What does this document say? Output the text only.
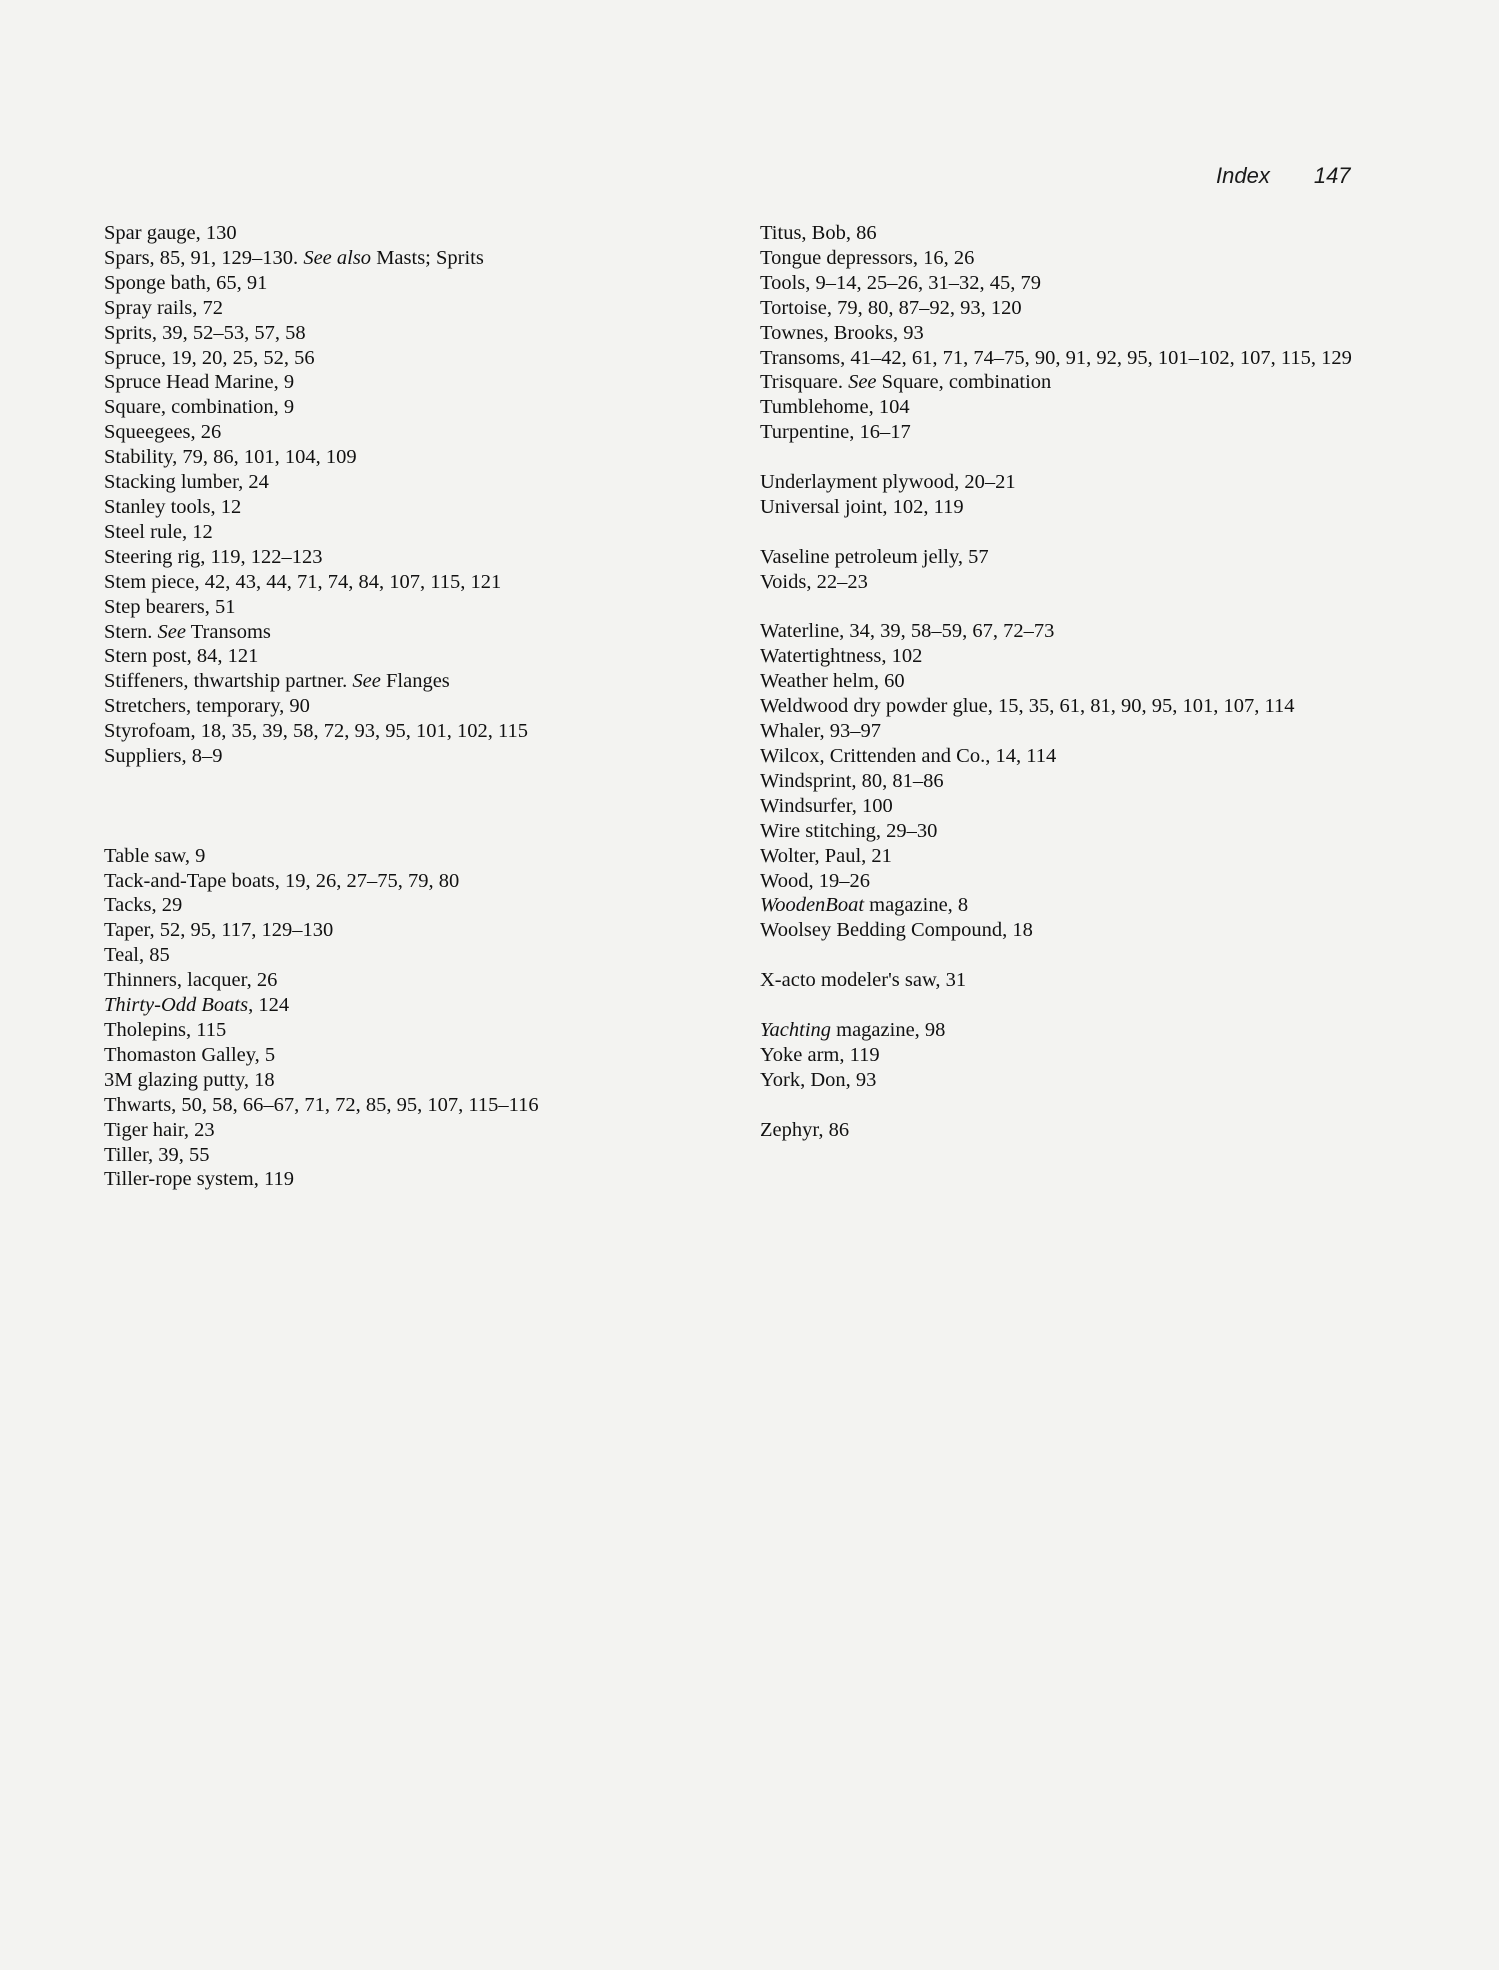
Index 147
Spar gauge, 130
Spars, 85, 91, 129–130. See also Masts; Sprits
Sponge bath, 65, 91
Spray rails, 72
Sprits, 39, 52–53, 57, 58
Spruce, 19, 20, 25, 52, 56
Spruce Head Marine, 9
Square, combination, 9
Squeegees, 26
Stability, 79, 86, 101, 104, 109
Stacking lumber, 24
Stanley tools, 12
Steel rule, 12
Steering rig, 119, 122–123
Stem piece, 42, 43, 44, 71, 74, 84, 107, 115, 121
Step bearers, 51
Stern. See Transoms
Stern post, 84, 121
Stiffeners, thwartship partner. See Flanges
Stretchers, temporary, 90
Styrofoam, 18, 35, 39, 58, 72, 93, 95, 101, 102, 115
Suppliers, 8–9
Table saw, 9
Tack-and-Tape boats, 19, 26, 27–75, 79, 80
Tacks, 29
Taper, 52, 95, 117, 129–130
Teal, 85
Thinners, lacquer, 26
Thirty-Odd Boats, 124
Tholepins, 115
Thomaston Galley, 5
3M glazing putty, 18
Thwarts, 50, 58, 66–67, 71, 72, 85, 95, 107, 115–116
Tiger hair, 23
Tiller, 39, 55
Tiller-rope system, 119
Titus, Bob, 86
Tongue depressors, 16, 26
Tools, 9–14, 25–26, 31–32, 45, 79
Tortoise, 79, 80, 87–92, 93, 120
Townes, Brooks, 93
Transoms, 41–42, 61, 71, 74–75, 90, 91, 92, 95, 101–102, 107, 115, 129
Trisquare. See Square, combination
Tumblehome, 104
Turpentine, 16–17
Underlayment plywood, 20–21
Universal joint, 102, 119
Vaseline petroleum jelly, 57
Voids, 22–23
Waterline, 34, 39, 58–59, 67, 72–73
Watertightness, 102
Weather helm, 60
Weldwood dry powder glue, 15, 35, 61, 81, 90, 95, 101, 107, 114
Whaler, 93–97
Wilcox, Crittenden and Co., 14, 114
Windsprint, 80, 81–86
Windsurfer, 100
Wire stitching, 29–30
Wolter, Paul, 21
Wood, 19–26
WoodenBoat magazine, 8
Woolsey Bedding Compound, 18
X-acto modeler's saw, 31
Yachting magazine, 98
Yoke arm, 119
York, Don, 93
Zephyr, 86
